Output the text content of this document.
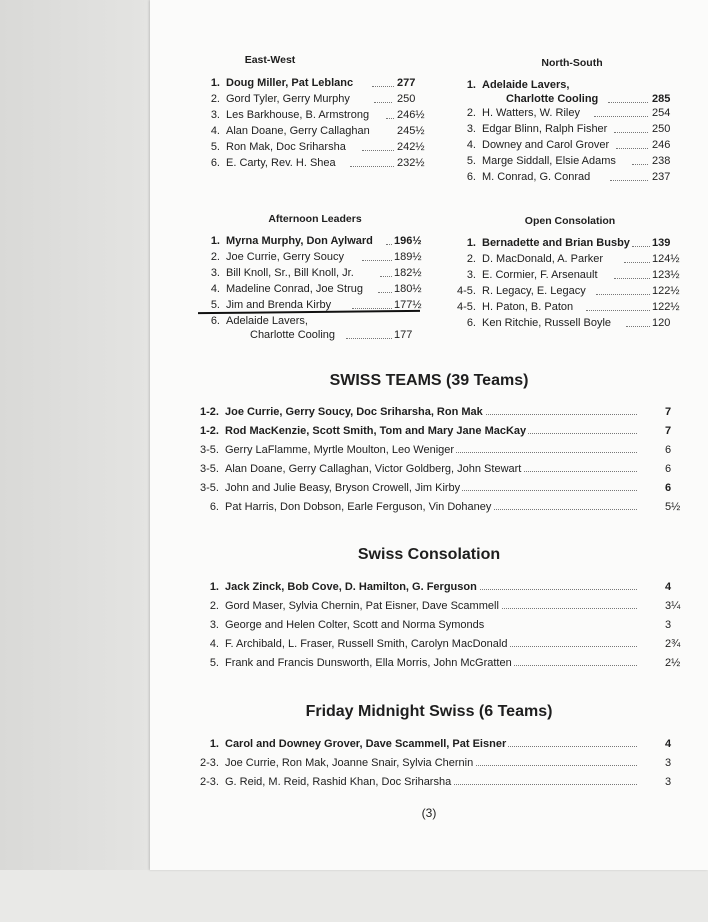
East-West
1. Doug Miller, Pat Leblanc	277
2. Gord Tyler, Gerry Murphy	250
3. Les Barkhouse, B. Armstrong	246½
4. Alan Doane, Gerry Callaghan 245½
5. Ron Mak, Doc Sriharsha	242½
6. E. Carty, Rev. H. Shea	232½
North-South
1. Adelaide Lavers,
Charlotte Cooling	285
2. H. Watters, W. Riley	254
3. Edgar Blinn, Ralph Fisher	250
4. Downey and Carol Grover	246
5. Marge Siddall, Elsie Adams	238
6. M. Conrad, G. Conrad	237
Afternoon Leaders
1. Myrna Murphy, Don Aylward 196½
2. Joe Currie, Gerry Soucy	189½
3. Bill Knoll, Sr., Bill Knoll, Jr.	182½
4. Madeline Conrad, Joe Strug	180½
5. Jim and Brenda Kirby	177½
6. Adelaide Lavers,
Charlotte Cooling	177
Open Consolation
1. Bernadette and Brian Busby 139
2. D. MacDonald, A. Parker	124½
3. E. Cormier, F. Arsenault	123½
4-5. R. Legacy, E. Legacy	122½
4-5. H. Paton, B. Paton	122½
6. Ken Ritchie, Russell Boyle	120
SWISS TEAMS (39 Teams)
1-2. Joe Currie, Gerry Soucy, Doc Sriharsha, Ron Mak	7
1-2. Rod MacKenzie, Scott Smith, Tom and Mary Jane MacKay	7
3-5. Gerry LaFlamme, Myrtle Moulton, Leo Weniger	6
3-5. Alan Doane, Gerry Callaghan, Victor Goldberg, John Stewart	6
3-5. John and Julie Beasy, Bryson Crowell, Jim Kirby	6
6. Pat Harris, Don Dobson, Earle Ferguson, Vin Dohaney	5½
Swiss Consolation
1. Jack Zinck, Bob Cove, D. Hamilton, G. Ferguson	4
2. Gord Maser, Sylvia Chernin, Pat Eisner, Dave Scammell	3¼
3. George and Helen Colter, Scott and Norma Symonds	3
4. F. Archibald, L. Fraser, Russell Smith, Carolyn MacDonald	2¾
5. Frank and Francis Dunsworth, Ella Morris, John McGratten	2½
Friday Midnight Swiss (6 Teams)
1. Carol and Downey Grover, Dave Scammell, Pat Eisner	4
2-3. Joe Currie, Ron Mak, Joanne Snair, Sylvia Chernin	3
2-3. G. Reid, M. Reid, Rashid Khan, Doc Sriharsha	3
(3)
